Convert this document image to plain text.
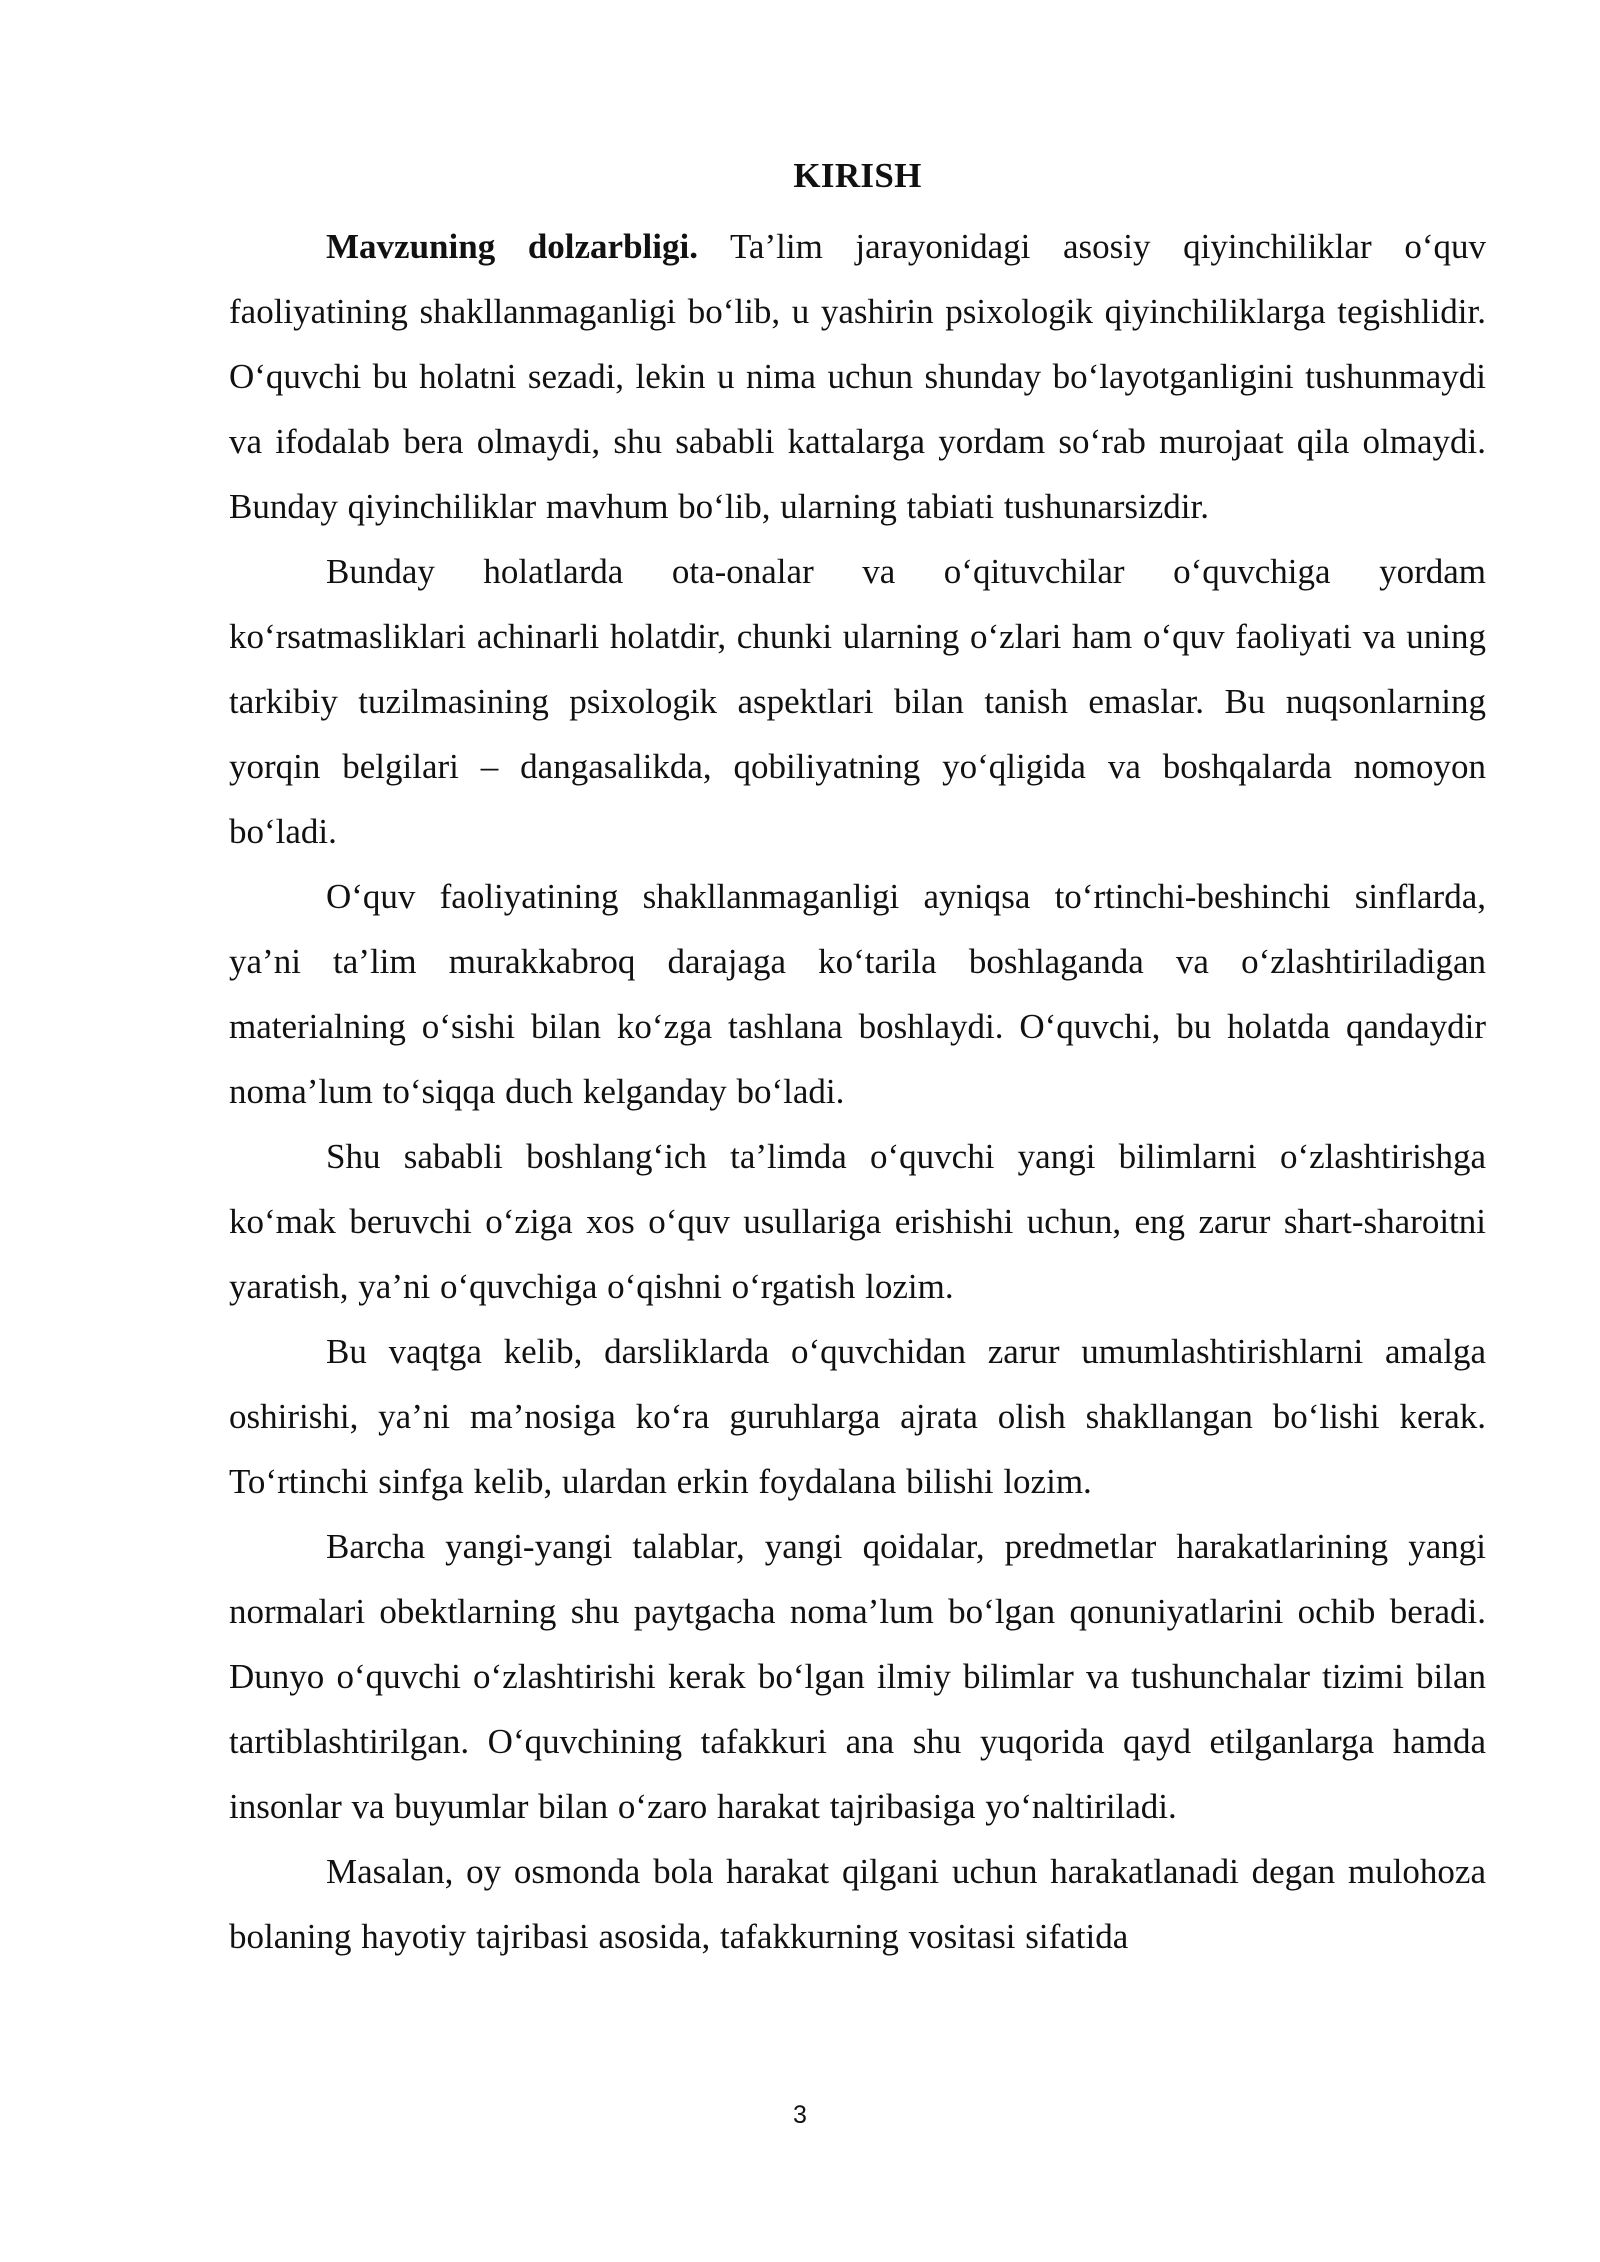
KIRISH

Mavzuning dolzarbligi. Ta’lim jarayonidagi asosiy qiyinchiliklar o‘quv faoliyatining shakllanmaganligi bo‘lib, u yashirin psixologik qiyinchiliklarga tegishlidir. O‘quvchi bu holatni sezadi, lekin u nima uchun shunday bo‘layotganligini tushunmaydi va ifodalab bera olmaydi, shu sababli kattalarga yordam so‘rab murojaat qila olmaydi. Bunday qiyinchiliklar mavhum bo‘lib, ularning tabiati tushunarsizdir.

Bunday holatlarda ota-onalar va o‘qituvchilar o‘quvchiga yordam ko‘rsatmasliklari achinarli holatdir, chunki ularning o‘zlari ham o‘quv faoliyati va uning tarkibiy tuzilmasining psixologik aspektlari bilan tanish emaslar. Bu nuqsonlarning yorqin belgilari – dangasalikda, qobiliyatning yo‘qligida va boshqalarda nomoyon bo‘ladi.

O‘quv faoliyatining shakllanmaganligi ayniqsa to‘rtinchi-beshinchi sinflarda, ya’ni ta’lim murakkabroq darajaga ko‘tarila boshlaganda va o‘zlashtiriladigan materialning o‘sishi bilan ko‘zga tashlana boshlaydi. O‘quvchi, bu holatda qandaydir noma’lum to‘siqqa duch kelganday bo‘ladi.

Shu sababli boshlang‘ich ta’limda o‘quvchi yangi bilimlarni o‘zlashtirishga ko‘mak beruvchi o‘ziga xos o‘quv usullariga erishishi uchun, eng zarur shart-sharoitni yaratish, ya’ni o‘quvchiga o‘qishni o‘rgatish lozim.

Bu vaqtga kelib, darsliklarda o‘quvchidan zarur umumlashtirishlarni amalga oshirishi, ya’ni ma’nosiga ko‘ra guruhlarga ajrata olish shakllangan bo‘lishi kerak. To‘rtinchi sinfga kelib, ulardan erkin foydalana bilishi lozim.

Barcha yangi-yangi talablar, yangi qoidalar, predmetlar harakatlarining yangi normalari obektlarning shu paytgacha noma’lum bo‘lgan qonuniyatlarini ochib beradi. Dunyo o‘quvchi o‘zlashtirishi kerak bo‘lgan ilmiy bilimlar va tushunchalar tizimi bilan tartiblashtirilgan. O‘quvchining tafakkuri ana shu yuqorida qayd etilganlarga hamda insonlar va buyumlar bilan o‘zaro harakat tajribasiga yo‘naltiriladi.

Masalan, oy osmonda bola harakat qilgani uchun harakatlanadi degan mulohoza bolaning hayotiy tajribasi asosida, tafakkurning vositasi sifatida

3
